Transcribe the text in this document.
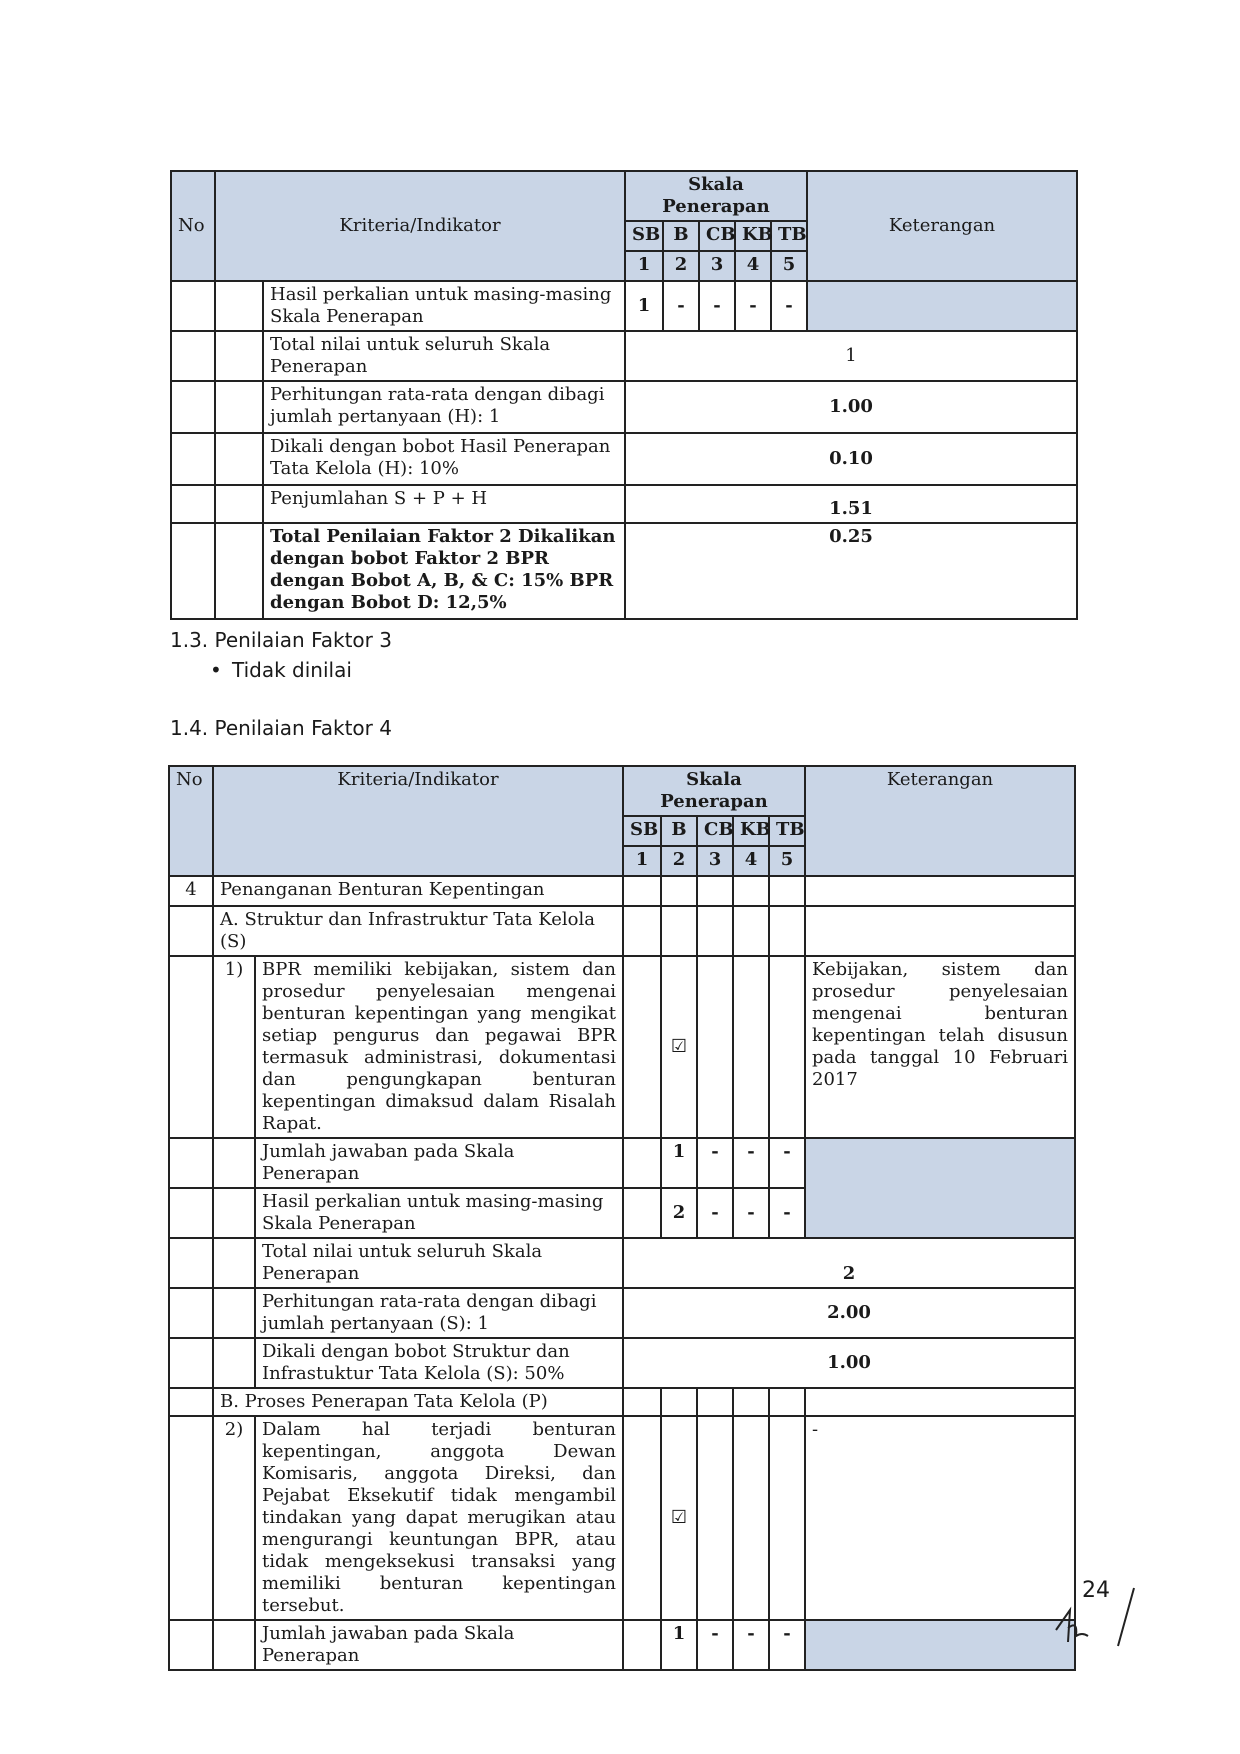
No	Kriteria/Indikator		Skala Penerapan					Keterangan
			SB	B	CB	KB	TB	
			1	2	3	4	5	
		Hasil perkalian untuk masing-masing Skala Penerapan	1	-	-	-	-	
		Total nilai untuk seluruh Skala Penerapan	1					
		Perhitungan rata-rata dengan dibagi jumlah pertanyaan (H): 1	1.00					
		Dikali dengan bobot Hasil Penerapan Tata Kelola (H): 10%	0.10					
		Penjumlahan S + P + H	1.51					
		Total Penilaian Faktor 2 Dikalikan dengan bobot Faktor 2 BPR dengan Bobot A, B, & C: 15% BPR dengan Bobot D: 12,5%	0.25					
1.3. Penilaian Faktor 3
• Tidak dinilai
1.4. Penilaian Faktor 4
No	Kriteria/Indikator		Skala Penerapan					Keterangan
			SB	B	CB	KB	TB	
			1	2	3	4	5	
4	Penanganan Benturan Kepentingan							
	A. Struktur dan Infrastruktur Tata Kelola (S)							
	1)	BPR memiliki kebijakan, sistem dan prosedur penyelesaian mengenai benturan kepentingan yang mengikat setiap pengurus dan pegawai BPR termasuk administrasi, dokumentasi dan pengungkapan benturan kepentingan dimaksud dalam Risalah Rapat.		☑				Kebijakan, sistem dan prosedur penyelesaian mengenai benturan kepentingan telah disusun pada tanggal 10 Februari 2017
		Jumlah jawaban pada Skala Penerapan		1	-	-	-	
		Hasil perkalian untuk masing-masing Skala Penerapan		2	-	-	-	
		Total nilai untuk seluruh Skala Penerapan	2					
		Perhitungan rata-rata dengan dibagi jumlah pertanyaan (S): 1	2.00					
		Dikali dengan bobot Struktur dan Infrastuktur Tata Kelola (S): 50%	1.00					
	B. Proses Penerapan Tata Kelola (P)							
	2)	Dalam hal terjadi benturan kepentingan, anggota Dewan Komisaris, anggota Direksi, dan Pejabat Eksekutif tidak mengambil tindakan yang dapat merugikan atau mengurangi keuntungan BPR, atau tidak mengeksekusi transaksi yang memiliki benturan kepentingan tersebut.		☑				-
		Jumlah jawaban pada Skala Penerapan		1	-	-	-	
24
